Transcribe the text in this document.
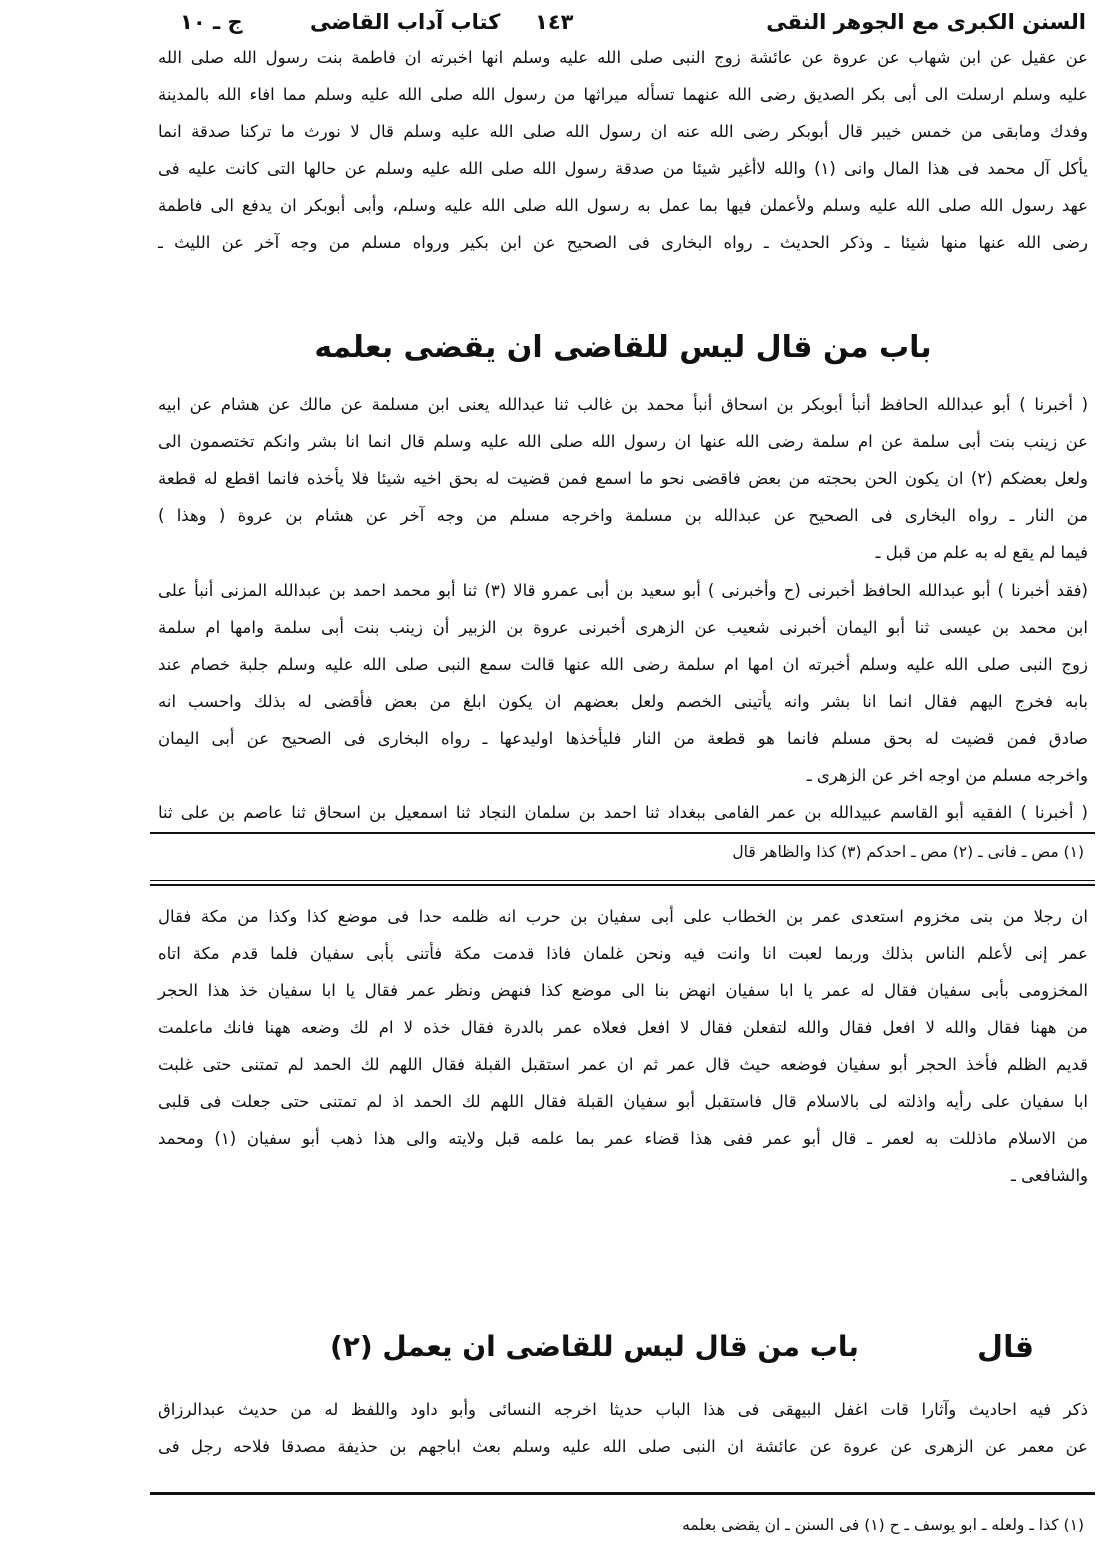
السنن الكبرى مع الجوهر النقى
١٤٣
كتاب آداب القاضى
ج ـ ١٠
عن عقيل عن ابن شهاب عن عروة عن عائشة زوج النبى صلى الله عليه وسلم انها اخبرته ان فاطمة بنت رسول الله صلى الله
عليه وسلم ارسلت الى أبى بكر الصديق رضى الله عنهما تسأله ميراثها من رسول الله صلى الله عليه وسلم مما افاء الله بالمدينة
وفدك ومابقى من خمس خيبر قال أبوبكر رضى الله عنه ان رسول الله صلى الله عليه وسلم قال لا نورث ما تركنا صدقة انما
يأكل آل محمد فى هذا المال وانى (١) والله لاأغير شيئا من صدقة رسول الله صلى الله عليه وسلم عن حالها التى كانت عليه فى
عهد رسول الله صلى الله عليه وسلم ولأعملن فيها بما عمل به رسول الله صلى الله عليه وسلم، وأبى أبوبكر ان يدفع الى فاطمة
رضى الله عنها منها شيئا ـ وذكر الحديث ـ رواه البخارى فى الصحيح عن ابن بكير ورواه مسلم من وجه آخر عن الليث ـ
باب من قال ليس للقاضى ان يقضى بعلمه
( أخبرنا ) أبو عبدالله الحافظ أنبأ أبوبكر بن اسحاق أنبأ محمد بن غالب ثنا عبدالله يعنى ابن مسلمة عن مالك عن هشام عن ابيه
عن زينب بنت أبى سلمة عن ام سلمة رضى الله عنها ان رسول الله صلى الله عليه وسلم قال انما انا بشر وانكم تختصمون الى
ولعل بعضكم (٢) ان يكون الحن بحجته من بعض فاقضى نحو ما اسمع فمن قضيت له بحق اخيه شيئا فلا يأخذه فانما اقطع له قطعة
من النار ـ رواه البخارى فى الصحيح عن عبدالله بن مسلمة واخرجه مسلم من وجه آخر عن هشام بن عروة ( وهذا )
فيما لم يقع له به علم من قبل ـ
(فقد أخبرنا ) أبو عبدالله الحافظ أخبرنى (ح وأخبرنى ) أبو سعيد بن أبى عمرو قالا (٣) ثنا أبو محمد احمد بن عبدالله المزنى أنبأ على
ابن محمد بن عيسى ثنا أبو اليمان أخبرنى شعيب عن الزهرى أخبرنى عروة بن الزبير أن زينب بنت أبى سلمة وامها ام سلمة
زوج النبى صلى الله عليه وسلم أخبرته ان امها ام سلمة رضى الله عنها قالت سمع النبى صلى الله عليه وسلم جلبة خصام عند
بابه فخرج اليهم فقال انما انا بشر وانه يأتينى الخصم ولعل بعضهم ان يكون ابلغ من بعض فأقضى له بذلك واحسب انه
صادق فمن قضيت له بحق مسلم فانما هو قطعة من النار فليأخذها اوليدعها ـ رواه البخارى فى الصحيح عن أبى اليمان
واخرجه مسلم من اوجه اخر عن الزهرى ـ
( أخبرنا ) الفقيه أبو القاسم عبيدالله بن عمر الفامى ببغداد ثنا احمد بن سلمان النجاد ثنا اسمعيل بن اسحاق ثنا عاصم بن على ثنا
(١) مص ـ فانى ـ (٢) مص ـ احدكم (٣) كذا والظاهر قال
ان رجلا من بنى مخزوم استعدى عمر بن الخطاب على أبى سفيان بن حرب انه ظلمه حدا فى موضع كذا وكذا من مكة فقال
عمر إنى لأعلم الناس بذلك وربما لعبت انا وانت فيه ونحن غلمان فاذا قدمت مكة فأتنى بأبى سفيان فلما قدم مكة اتاه
المخزومى بأبى سفيان فقال له عمر يا ابا سفيان انهض بنا الى موضع كذا فنهض ونظر عمر فقال يا ابا سفيان خذ هذا الحجر
من ههنا فقال والله لا افعل فقال والله لتفعلن فقال لا افعل فعلاه عمر بالدرة فقال خذه لا ام لك وضعه ههنا فانك ماعلمت
قديم الظلم فأخذ الحجر أبو سفيان فوضعه حيث قال عمر ثم ان عمر استقبل القبلة فقال اللهم لك الحمد لم تمتنى حتى غلبت
ابا سفيان على رأيه واذلته لى بالاسلام قال فاستقبل أبو سفيان القبلة فقال اللهم لك الحمد اذ لم تمتنى حتى جعلت فى قلبى
من الاسلام ماذللت به لعمر ـ قال أبو عمر ففى هذا قضاء عمر بما علمه قبل ولايته والى هذا ذهب أبو سفيان (١) ومحمد
والشافعى ـ
قال
باب من قال ليس للقاضى ان يعمل (٢)
ذكر فيه احاديث وآثارا قات اغفل البيهقى فى هذا الباب حديثا اخرجه النسائى وأبو داود واللفظ له من حديث عبدالرزاق
عن معمر عن الزهرى عن عروة عن عائشة ان النبى صلى الله عليه وسلم بعث اباجهم بن حذيفة مصدقا فلاحه رجل فى
(١) كذا ـ ولعله ـ ابو يوسف ـ ح (١) فى السنن ـ ان يقضى بعلمه
